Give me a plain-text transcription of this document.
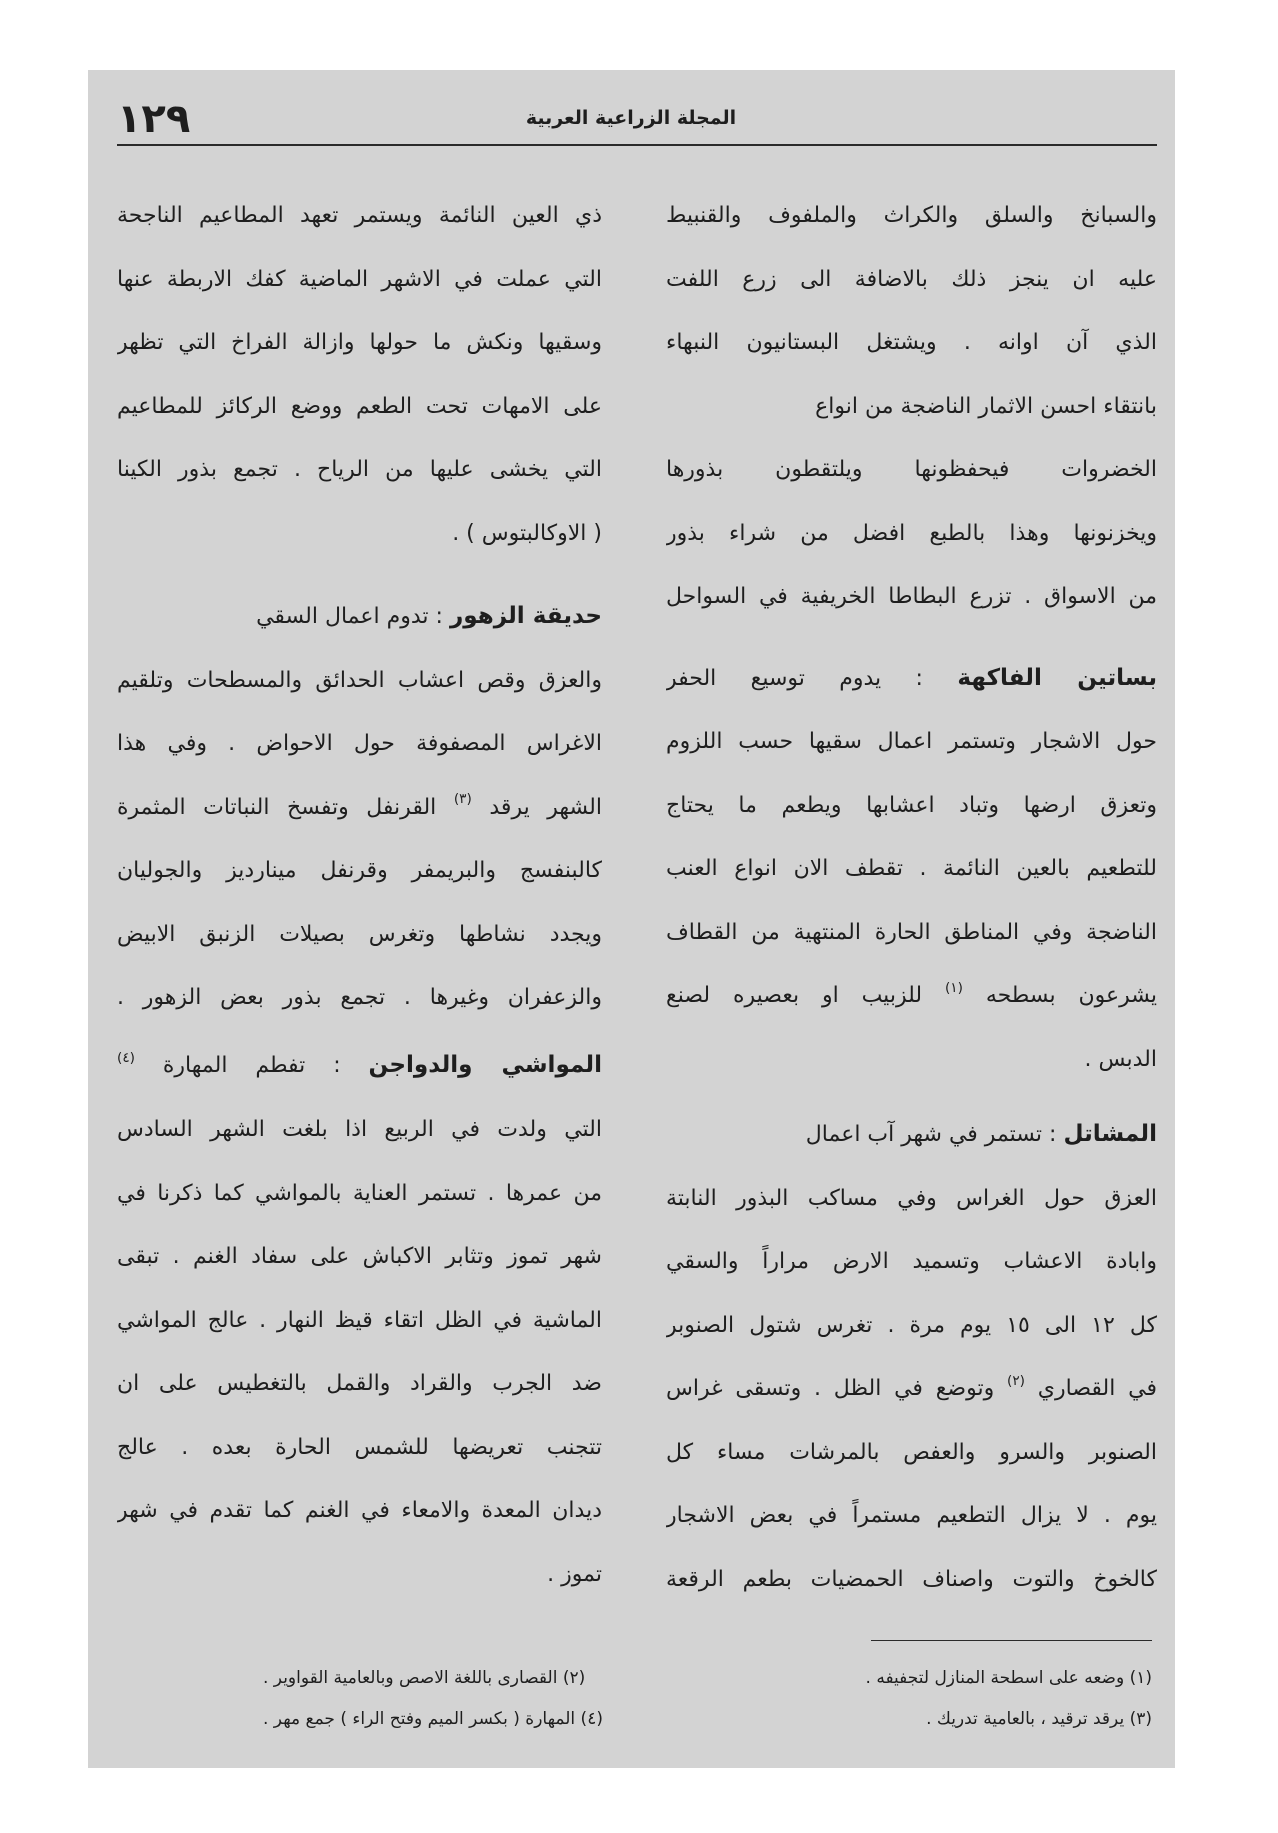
١٢٩	المجلة الزراعية العربية
والسبانخ والسلق والكراث والملفوف والقنبيط
عليه ان ينجز ذلك بالاضافة الى زرع اللفت
الذي آن اوانه . ويشتغل البستانيون النبهاء
بانتقاء احسن الاثمار الناضجة من انواع
الخضروات فيحفظونها ويلتقطون بذورها
ويخزنونها وهذا بالطبع افضل من شراء بذور
من الاسواق . تزرع البطاطا الخريفية في السواحل
بساتين الفاكهة : يدوم توسيع الحفر
حول الاشجار وتستمر اعمال سقيها حسب اللزوم
وتعزق ارضها وتباد اعشابها ويطعم ما يحتاج
للتطعيم بالعين النائمة . تقطف الان انواع العنب
الناضجة وفي المناطق الحارة المنتهية من القطاف
يشرعون بسطحه $^{(١)}$ للزبيب او بعصيره لصنع
الدبس .
المشاتل : تستمر في شهر آب اعمال
العزق حول الغراس وفي مساكب البذور النابتة
وابادة الاعشاب وتسميد الارض مراراً والسقي
كل ١٢ الى ١٥ يوم مرة . تغرس شتول الصنوبر
في القصاري $^{(٢)}$ وتوضع في الظل . وتسقى غراس
الصنوبر والسرو والعفص بالمرشات مساء كل
يوم . لا يزال التطعيم مستمراً في بعض الاشجار
كالخوخ والتوت واصناف الحمضيات بطعم الرقعة
ذي العين النائمة ويستمر تعهد المطاعيم الناجحة
التي عملت في الاشهر الماضية كفك الاربطة عنها
وسقيها ونكش ما حولها وازالة الفراخ التي تظهر
على الامهات تحت الطعم ووضع الركائز للمطاعيم
التي يخشى عليها من الرياح . تجمع بذور الكينا
( الاوكالبتوس ) .
حديقة الزهور : تدوم اعمال السقي
والعزق وقص اعشاب الحدائق والمسطحات وتلقيم
الاغراس المصفوفة حول الاحواض . وفي هذا
الشهر يرقد $^{(٣)}$ القرنفل وتفسخ النباتات المثمرة
كالبنفسج والبريمفر وقرنفل مينارديز والجوليان
ويجدد نشاطها وتغرس بصيلات الزنبق الابيض
والزعفران وغيرها . تجمع بذور بعض الزهور .
المواشي والدواجن : تفطم المهارة $^{(٤)}$
التي ولدت في الربيع اذا بلغت الشهر السادس
من عمرها . تستمر العناية بالمواشي كما ذكرنا في
شهر تموز وتثابر الاكباش على سفاد الغنم . تبقى
الماشية في الظل اتقاء قيظ النهار . عالج المواشي
ضد الجرب والقراد والقمل بالتغطيس على ان
تتجنب تعريضها للشمس الحارة بعده . عالج
ديدان المعدة والامعاء في الغنم كما تقدم في شهر
تموز .
(١) وضعه على اسطحة المنازل لتجفيفه .
(٢) القصارى باللغة الاصص وبالعامية القواوير .
(٣) يرقد ترقيد ، بالعامية تدريك .
(٤) المهارة ( بكسر الميم وفتح الراء ) جمع مهر .
